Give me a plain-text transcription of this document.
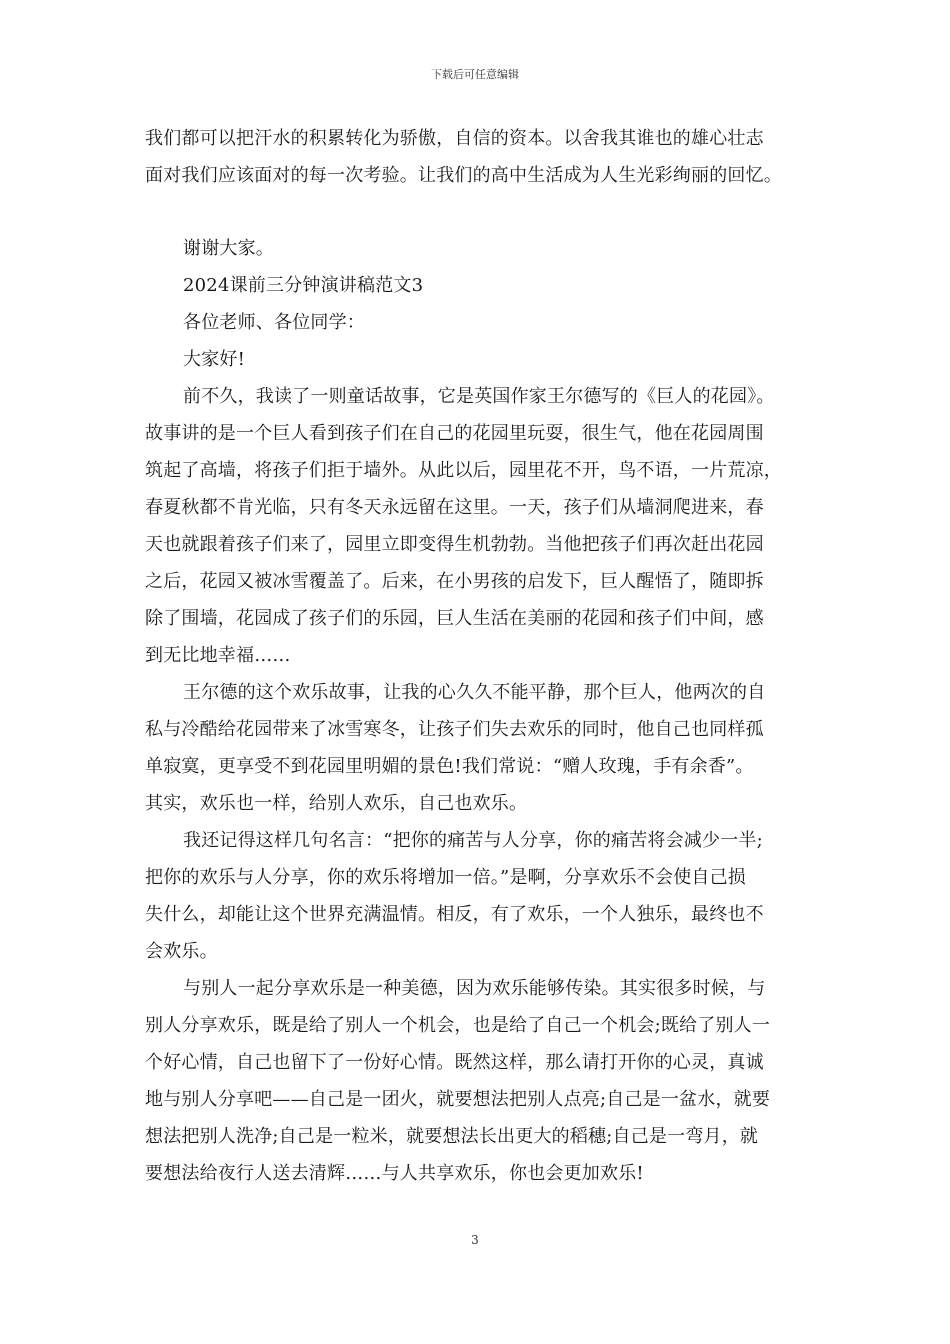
下载后可任意编辑
我们都可以把汗水的积累转化为骄傲，自信的资本。以舍我其谁也的雄心壮志
面对我们应该面对的每一次考验。让我们的高中生活成为人生光彩绚丽的回忆。
谢谢大家。
2024课前三分钟演讲稿范文3
各位老师、各位同学：
大家好!
前不久，我读了一则童话故事，它是英国作家王尔德写的《巨人的花园》。
故事讲的是一个巨人看到孩子们在自己的花园里玩耍，很生气，他在花园周围
筑起了高墙，将孩子们拒于墙外。从此以后，园里花不开，鸟不语，一片荒凉，
春夏秋都不肯光临，只有冬天永远留在这里。一天，孩子们从墙洞爬进来，春
天也就跟着孩子们来了，园里立即变得生机勃勃。当他把孩子们再次赶出花园
之后，花园又被冰雪覆盖了。后来，在小男孩的启发下，巨人醒悟了，随即拆
除了围墙，花园成了孩子们的乐园，巨人生活在美丽的花园和孩子们中间，感
到无比地幸福……
王尔德的这个欢乐故事，让我的心久久不能平静，那个巨人，他两次的自
私与冷酷给花园带来了冰雪寒冬，让孩子们失去欢乐的同时，他自己也同样孤
单寂寞，更享受不到花园里明媚的景色!我们常说：“赠人玫瑰，手有余香”。
其实，欢乐也一样，给别人欢乐，自己也欢乐。
我还记得这样几句名言：“把你的痛苦与人分享，你的痛苦将会减少一半;
把你的欢乐与人分享，你的欢乐将增加一倍。”是啊，分享欢乐不会使自己损
失什么，却能让这个世界充满温情。相反，有了欢乐，一个人独乐，最终也不
会欢乐。
与别人一起分享欢乐是一种美德，因为欢乐能够传染。其实很多时候，与
别人分享欢乐，既是给了别人一个机会，也是给了自己一个机会;既给了别人一
个好心情，自己也留下了一份好心情。既然这样，那么请打开你的心灵，真诚
地与别人分享吧——自己是一团火，就要想法把别人点亮;自己是一盆水，就要
想法把别人洗净;自己是一粒米，就要想法长出更大的稻穗;自己是一弯月，就
要想法给夜行人送去清辉……与人共享欢乐，你也会更加欢乐!
3
